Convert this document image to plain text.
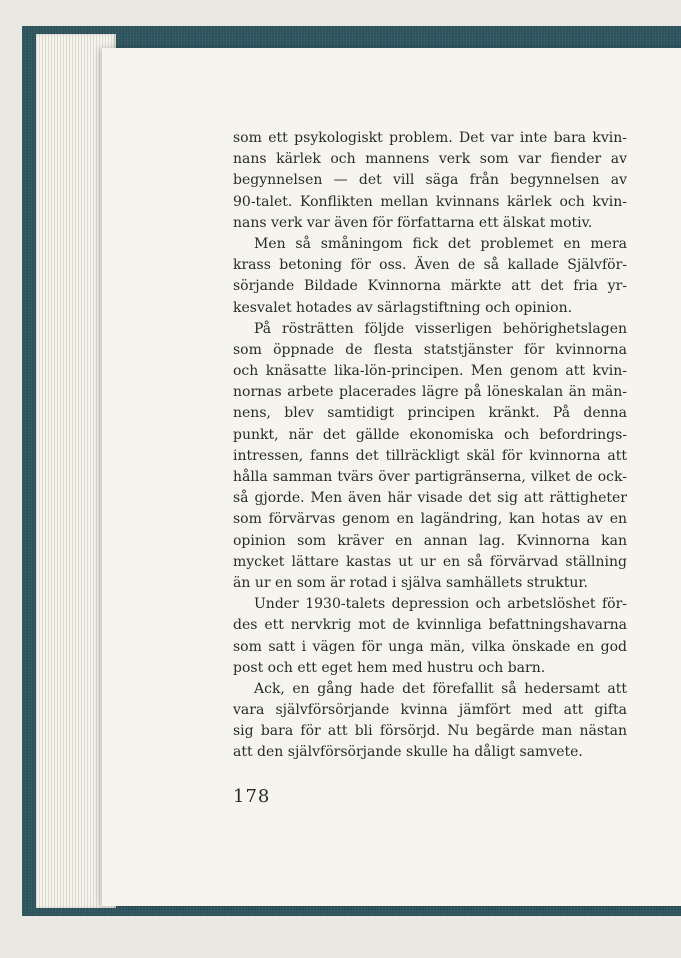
som ett psykologiskt problem. Det var inte bara kvin-
nans kärlek och mannens verk som var fiender av
begynnelsen — det vill säga från begynnelsen av
90-talet. Konflikten mellan kvinnans kärlek och kvin-
nans verk var även för författarna ett älskat motiv.
Men så småningom fick det problemet en mera
krass betoning för oss. Även de så kallade Självför-
sörjande Bildade Kvinnorna märkte att det fria yr-
kesvalet hotades av särlagstiftning och opinion.
På rösträtten följde visserligen behörighetslagen
som öppnade de flesta statstjänster för kvinnorna
och knäsatte lika-lön-principen. Men genom att kvin-
nornas arbete placerades lägre på löneskalan än män-
nens, blev samtidigt principen kränkt. På denna
punkt, när det gällde ekonomiska och befordrings-
intressen, fanns det tillräckligt skäl för kvinnorna att
hålla samman tvärs över partigränserna, vilket de ock-
så gjorde. Men även här visade det sig att rättigheter
som förvärvas genom en lagändring, kan hotas av en
opinion som kräver en annan lag. Kvinnorna kan
mycket lättare kastas ut ur en så förvärvad ställning
än ur en som är rotad i själva samhällets struktur.
Under 1930-talets depression och arbetslöshet för-
des ett nervkrig mot de kvinnliga befattningshavarna
som satt i vägen för unga män, vilka önskade en god
post och ett eget hem med hustru och barn.
Ack, en gång hade det förefallit så hedersamt att
vara självförsörjande kvinna jämfört med att gifta
sig bara för att bli försörjd. Nu begärde man nästan
att den självförsörjande skulle ha dåligt samvete.
178
